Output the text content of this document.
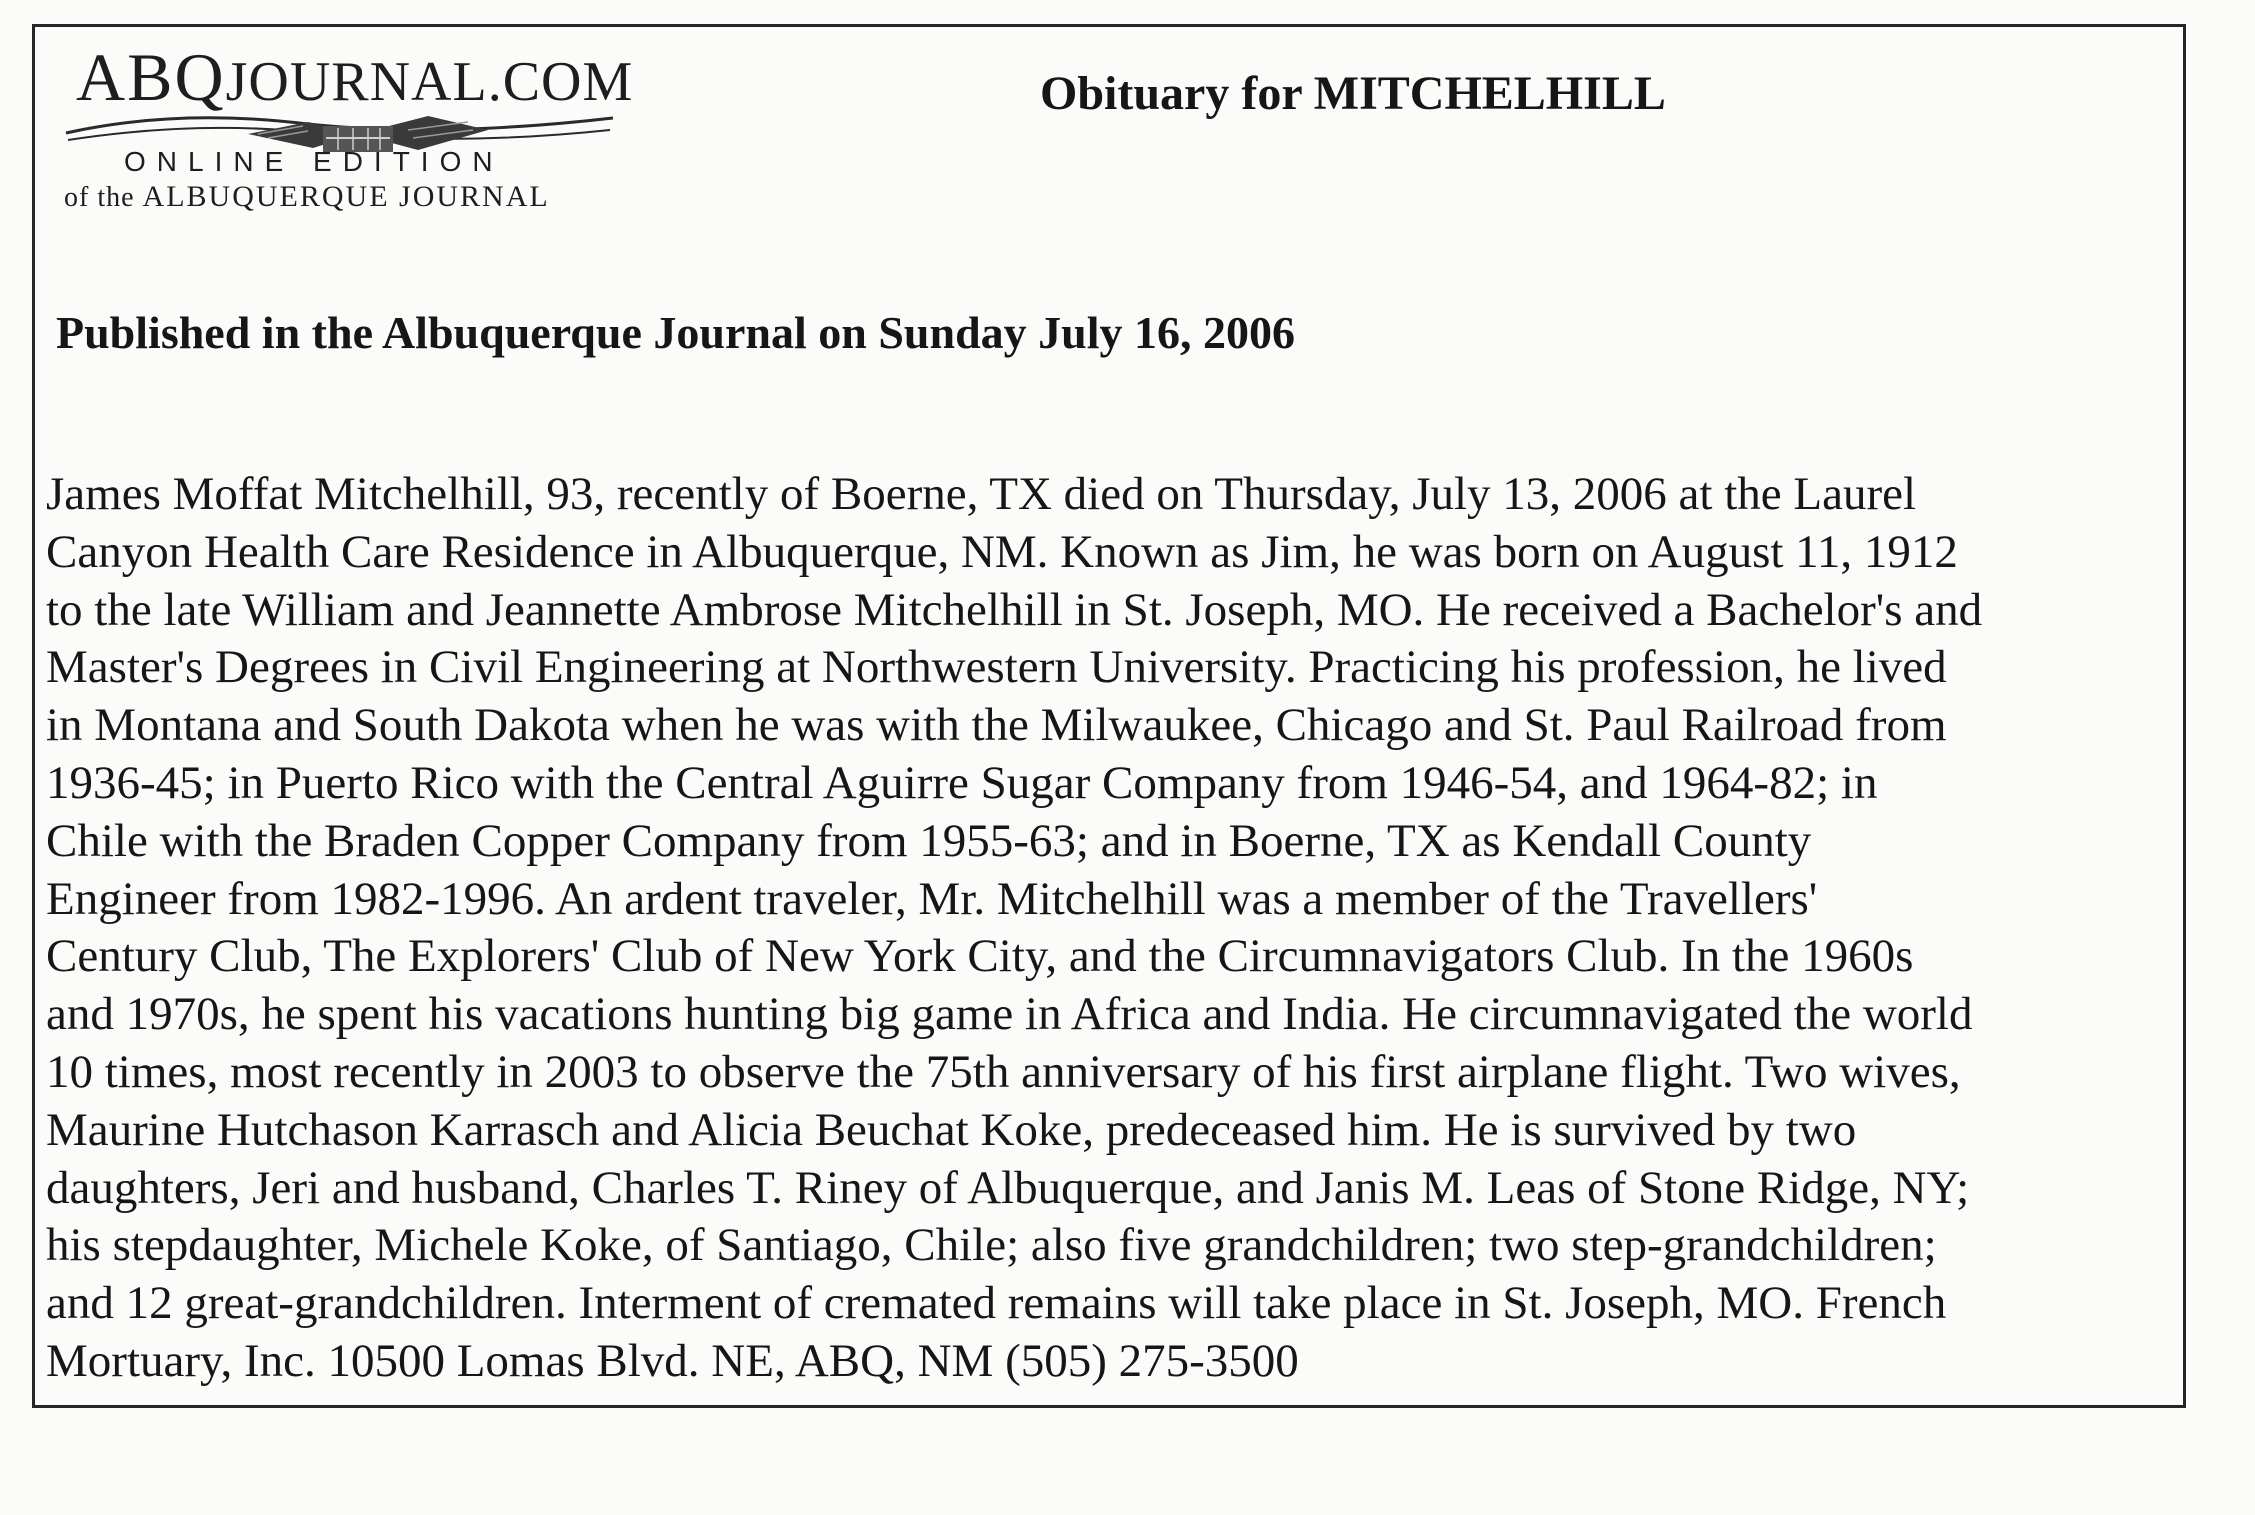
ABQJOURNAL.COM
ONLINE EDITION
of the ALBUQUERQUE JOURNAL
Obituary for MITCHELHILL
Published in the Albuquerque Journal on Sunday July 16, 2006

James Moffat Mitchelhill, 93, recently of Boerne, TX died on Thursday, July 13, 2006 at the Laurel
Canyon Health Care Residence in Albuquerque, NM. Known as Jim, he was born on August 11, 1912
to the late William and Jeannette Ambrose Mitchelhill in St. Joseph, MO. He received a Bachelor's and
Master's Degrees in Civil Engineering at Northwestern University. Practicing his profession, he lived
in Montana and South Dakota when he was with the Milwaukee, Chicago and St. Paul Railroad from
1936-45; in Puerto Rico with the Central Aguirre Sugar Company from 1946-54, and 1964-82; in
Chile with the Braden Copper Company from 1955-63; and in Boerne, TX as Kendall County
Engineer from 1982-1996. An ardent traveler, Mr. Mitchelhill was a member of the Travellers'
Century Club, The Explorers' Club of New York City, and the Circumnavigators Club. In the 1960s
and 1970s, he spent his vacations hunting big game in Africa and India. He circumnavigated the world
10 times, most recently in 2003 to observe the 75th anniversary of his first airplane flight. Two wives,
Maurine Hutchason Karrasch and Alicia Beuchat Koke, predeceased him. He is survived by two
daughters, Jeri and husband, Charles T. Riney of Albuquerque, and Janis M. Leas of Stone Ridge, NY;
his stepdaughter, Michele Koke, of Santiago, Chile; also five grandchildren; two step-grandchildren;
and 12 great-grandchildren. Interment of cremated remains will take place in St. Joseph, MO. French
Mortuary, Inc. 10500 Lomas Blvd. NE, ABQ, NM (505) 275-3500
